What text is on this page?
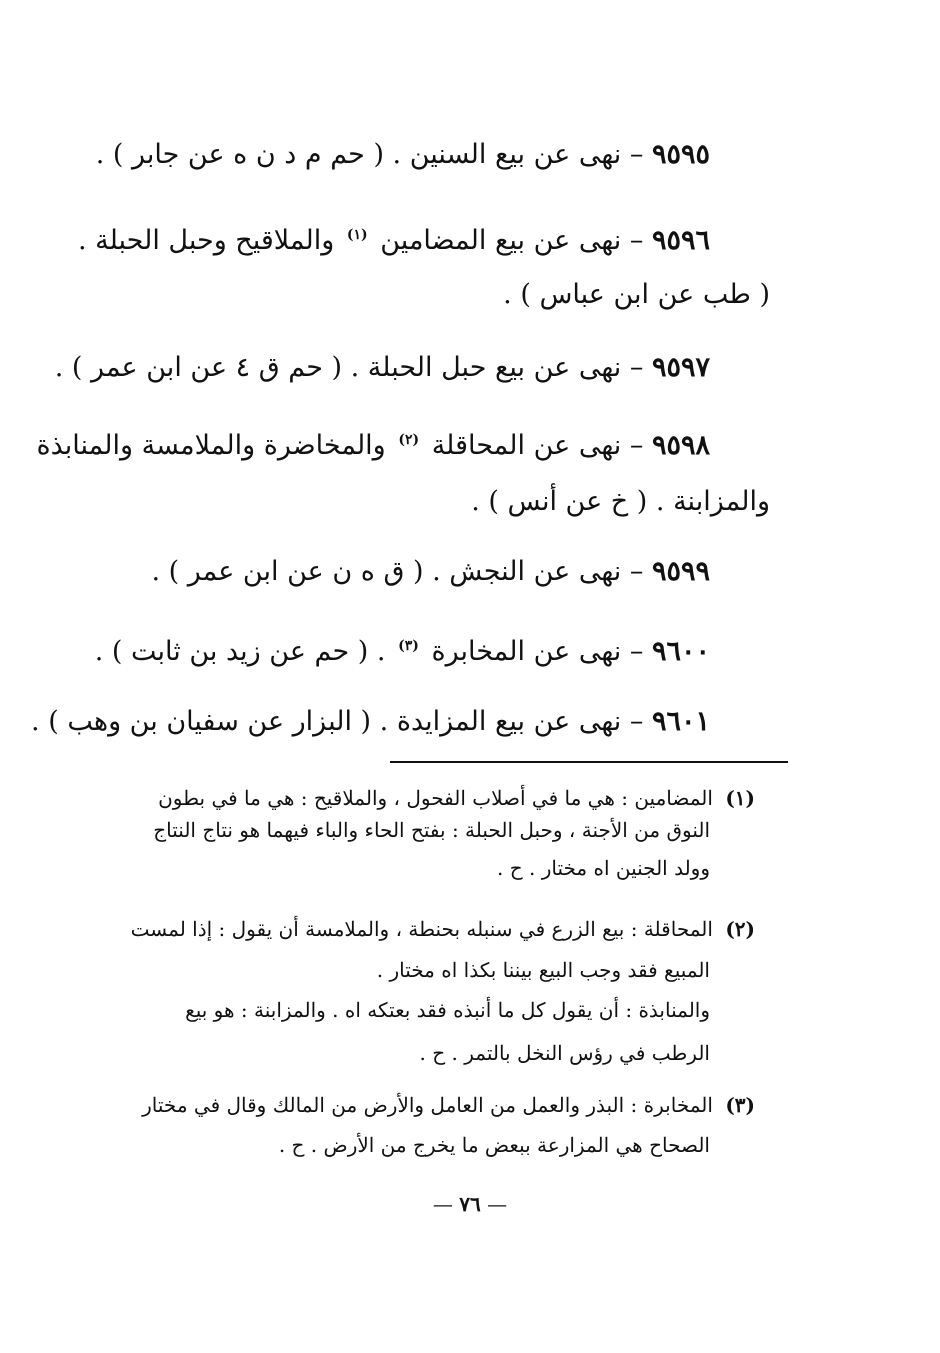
٩٥٩٥ – نهى عن بيع السنين . ( حم م د ن ه عن جابر ) .
٩٥٩٦ – نهى عن بيع المضامين $^{(١)}$ والملاقيح وحبل الحبلة .
( طب عن ابن عباس ) .
٩٥٩٧ – نهى عن بيع حبل الحبلة . ( حم ق ٤ عن ابن عمر ) .
٩٥٩٨ – نهى عن المحاقلة $^{(٢)}$ والمخاضرة والملامسة والمنابذة
والمزابنة . ( خ عن أنس ) .
٩٥٩٩ – نهى عن النجش . ( ق ه ن عن ابن عمر ) .
٩٦٠٠ – نهى عن المخابرة $^{(٣)}$ . ( حم عن زيد بن ثابت ) .
٩٦٠١ – نهى عن بيع المزايدة . ( البزار عن سفيان بن وهب ) .
(١) المضامين : هي ما في أصلاب الفحول ، والملاقيح : هي ما في بطون
النوق من الأجنة ، وحبل الحبلة : بفتح الحاء والباء فيهما هو نتاج النتاج
وولد الجنين اه مختار . ح .
(٢) المحاقلة : بيع الزرع في سنبله بحنطة ، والملامسة أن يقول : إذا لمست
المبيع فقد وجب البيع بيننا بكذا اه مختار .
والمنابذة : أن يقول كل ما أنبذه فقد بعتكه اه . والمزابنة : هو بيع
الرطب في رؤس النخل بالتمر . ح .
(٣) المخابرة : البذر والعمل من العامل والأرض من المالك وقال في مختار
الصحاح هي المزارعة ببعض ما يخرج من الأرض . ح .
— ٧٦ —
